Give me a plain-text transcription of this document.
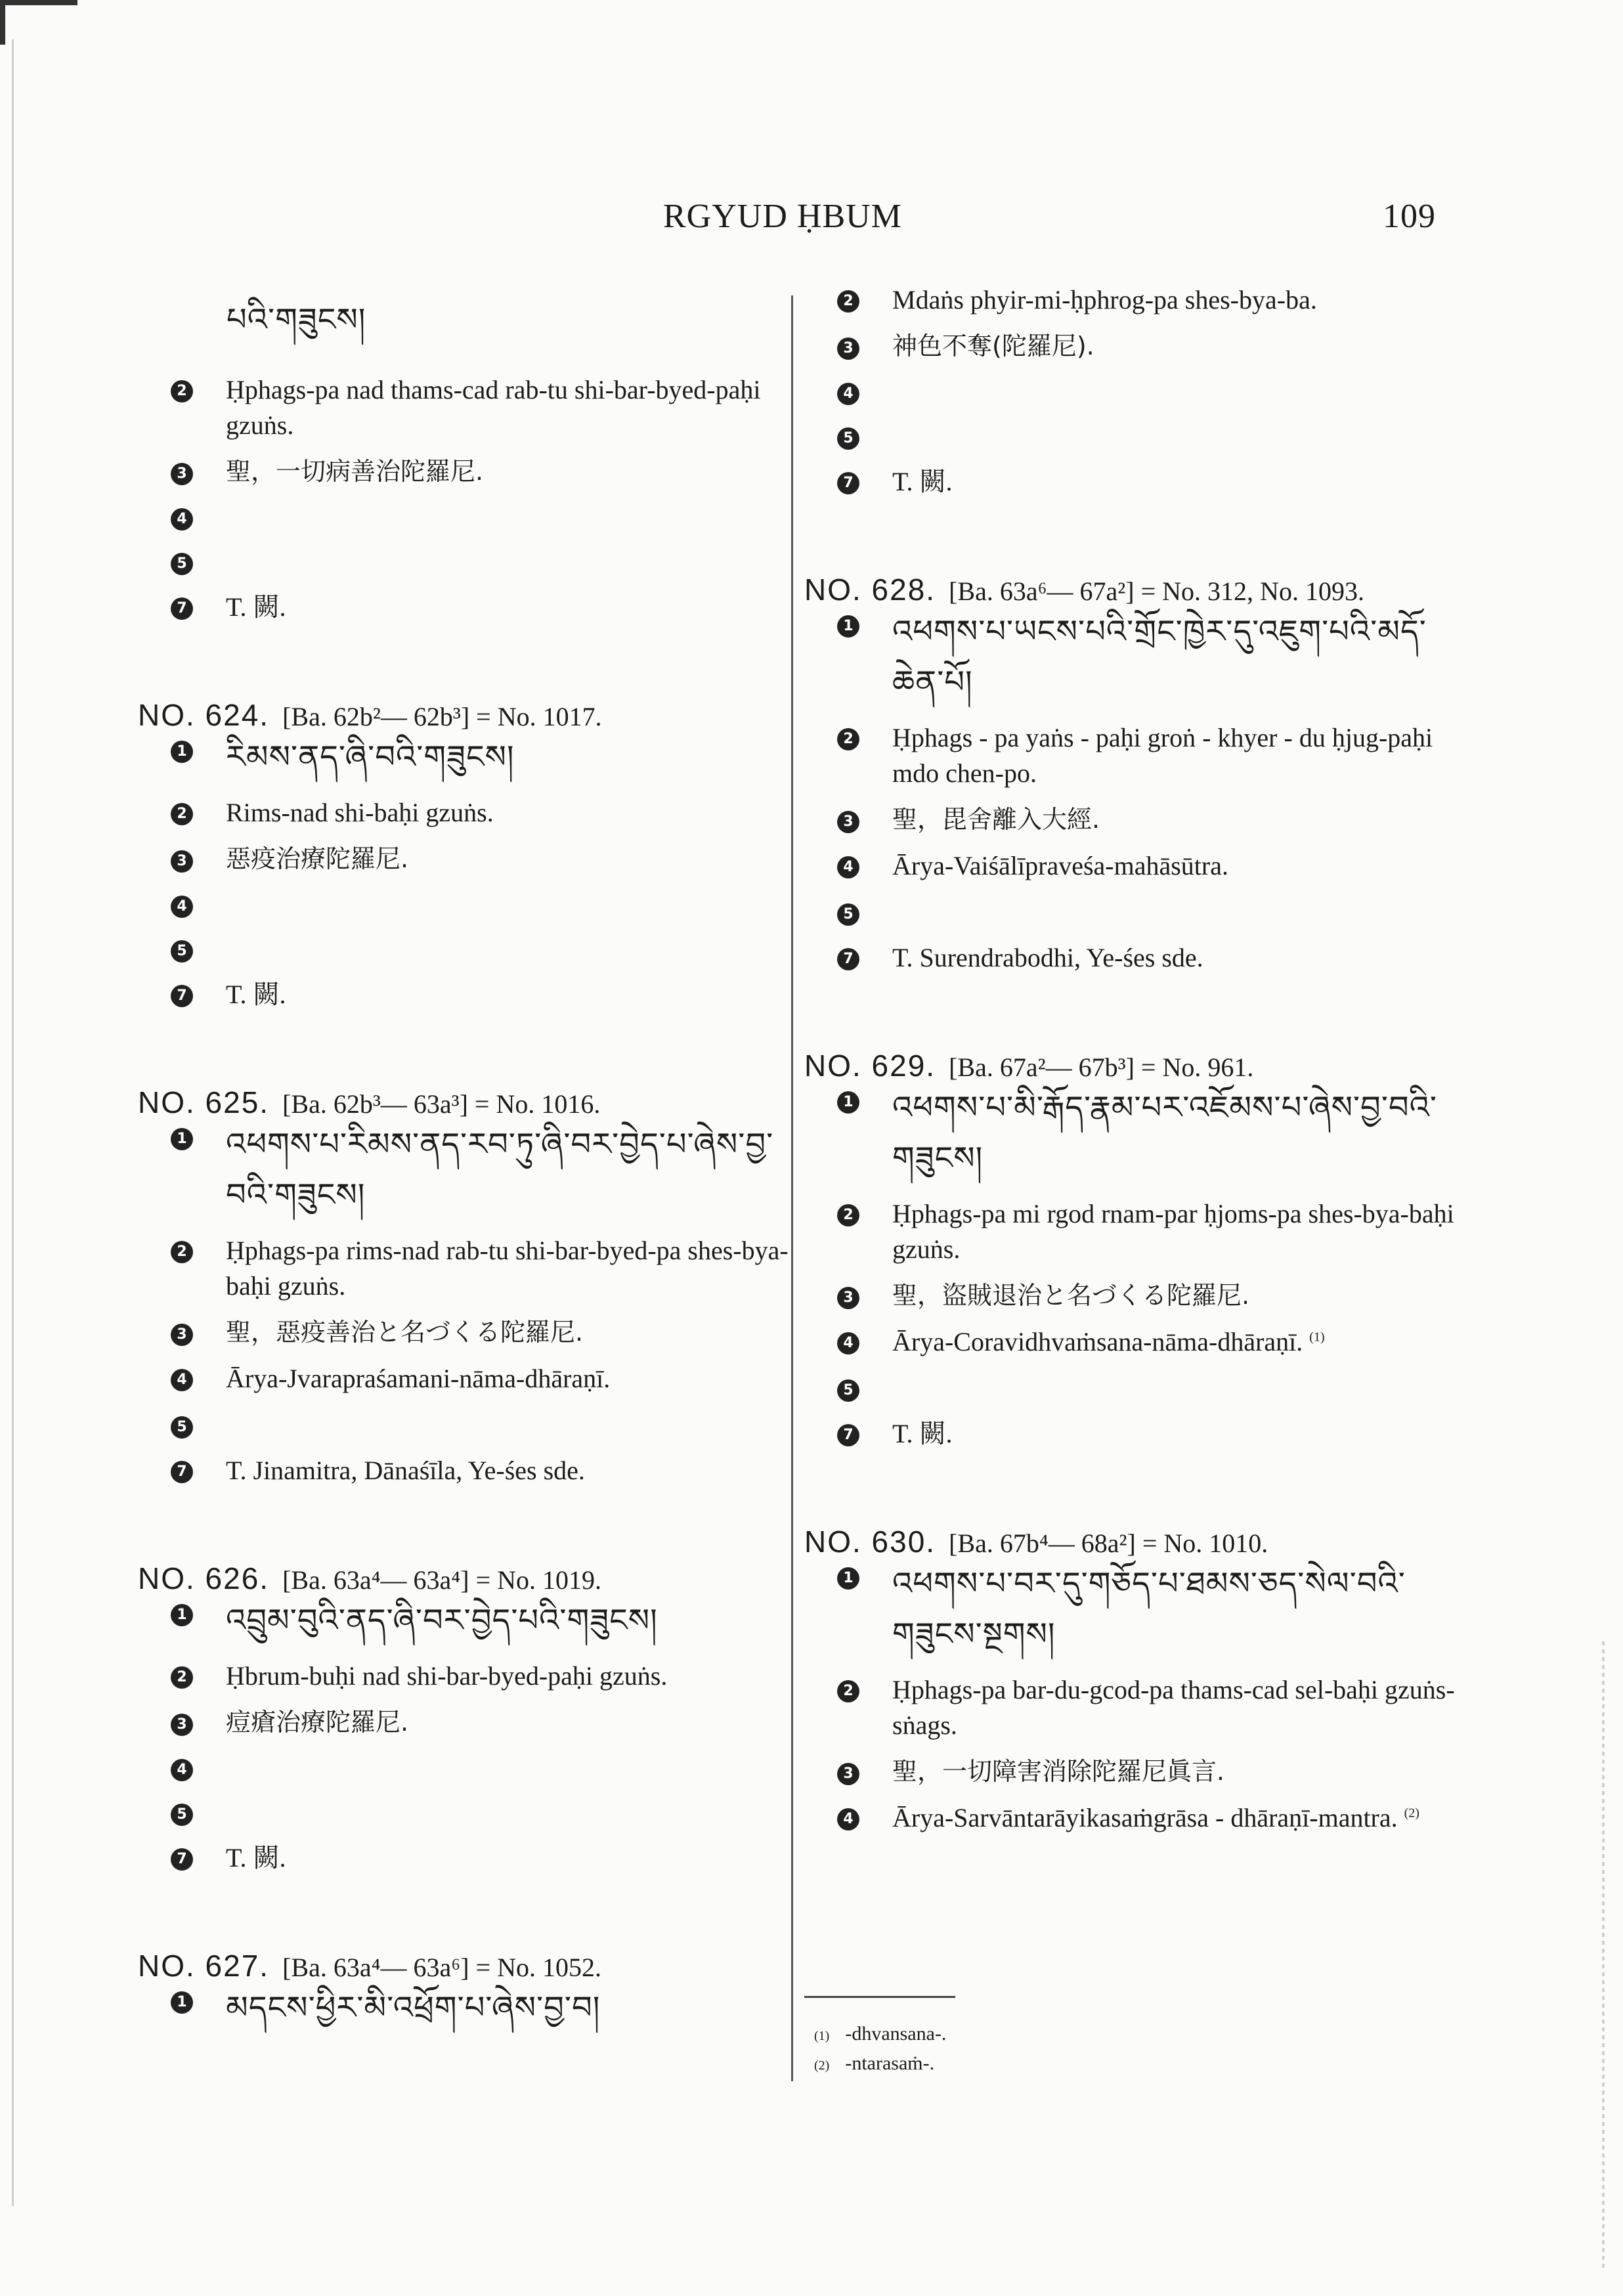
RGYUD ḤBUM	109
པའི་གཟུངས།
2 Ḥphags-pa nad thams-cad rab-tu shi-bar-byed-paḥi gzuṅs.
3 聖，一切病善治陀羅尼.
4
5
7 T. 闕.
NO. 624. [Ba. 62b²— 62b³] = No. 1017.
1 རིམས་ནད་ཞི་བའི་གཟུངས།
2 Rims-nad shi-baḥi gzuṅs.
3 惡疫治療陀羅尼.
4
5
7 T. 闕.
NO. 625. [Ba. 62b³— 63a³] = No. 1016.
1 འཕགས་པ་རིམས་ནད་རབ་ཏུ་ཞི་བར་བྱེད་པ་ཞེས་བྱ་བའི་གཟུངས།
2 Ḥphags-pa rims-nad rab-tu shi-bar-byed-pa shes-bya-baḥi gzuṅs.
3 聖，惡疫善治と名づくる陀羅尼.
4 Ārya-Jvarapraśamani-nāma-dhāraṇī.
5
7 T. Jinamitra, Dānaśīla, Ye-śes sde.
NO. 626. [Ba. 63a⁴— 63a⁴] = No. 1019.
1 འབྲུམ་བུའི་ནད་ཞི་བར་བྱེད་པའི་གཟུངས།
2 Ḥbrum-buḥi nad shi-bar-byed-paḥi gzuṅs.
3 痘瘡治療陀羅尼.
4
5
7 T. 闕.
NO. 627. [Ba. 63a⁴— 63a⁶] = No. 1052.
1 མདངས་ཕྱིར་མི་འཕྲོག་པ་ཞེས་བྱ་བ།
2 Mdaṅs phyir-mi-ḥphrog-pa shes-bya-ba.
3 神色不奪(陀羅尼).
4
5
7 T. 闕.
NO. 628. [Ba. 63a⁶— 67a²] = No. 312, No. 1093.
1 འཕགས་པ་ཡངས་པའི་གྲོང་ཁྱེར་དུ་འཇུག་པའི་མདོ་ཆེན་པོ།
2 Ḥphags - pa yaṅs - paḥi groṅ - khyer - du ḥjug-paḥi mdo chen-po.
3 聖，毘舍離入大經.
4 Ārya-Vaiśālīpraveśa-mahāsūtra.
5
7 T. Surendrabodhi, Ye-śes sde.
NO. 629. [Ba. 67a²— 67b³] = No. 961.
1 འཕགས་པ་མི་རྒོད་རྣམ་པར་འཇོམས་པ་ཞེས་བྱ་བའི་གཟུངས།
2 Ḥphags-pa mi rgod rnam-par ḥjoms-pa shes-bya-baḥi gzuṅs.
3 聖，盜賊退治と名づくる陀羅尼.
4 Ārya-Coravidhvaṁsana-nāma-dhāraṇī. $^{(1)}$
5
7 T. 闕.
NO. 630. [Ba. 67b⁴— 68a²] = No. 1010.
1 འཕགས་པ་བར་དུ་གཅོད་པ་ཐམས་ཅད་སེལ་བའི་གཟུངས་སྔགས།
2 Ḥphags-pa bar-du-gcod-pa thams-cad sel-baḥi gzuṅs-sṅags.
3 聖，一切障害消除陀羅尼眞言.
4 Ārya-Sarvāntarāyikasaṁgrāsa - dhāraṇī-mantra. $^{(2)}$
(1) -dhvansana-.
(2) -ntarasaṁ-.
